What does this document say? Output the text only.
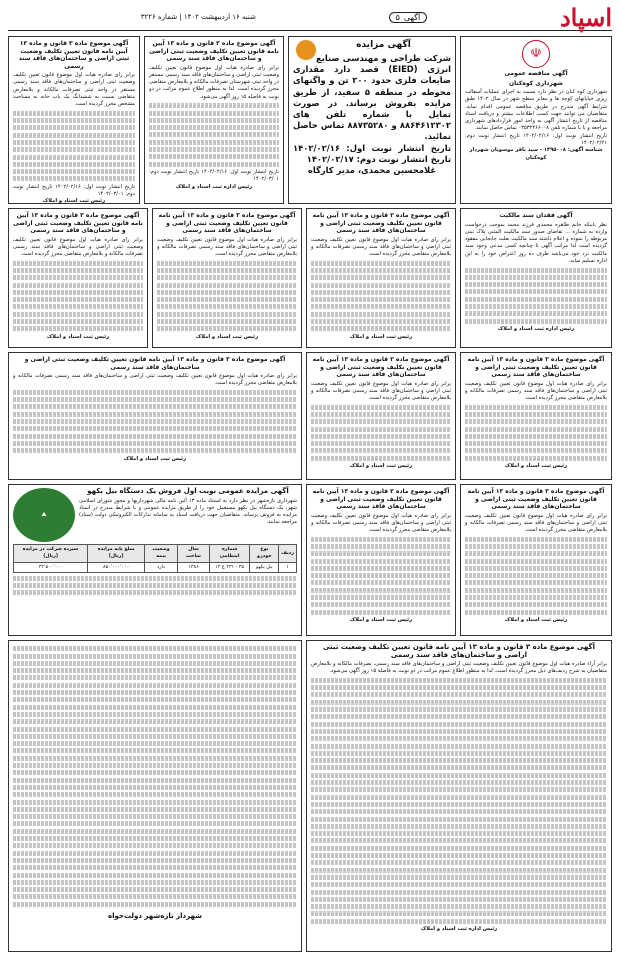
آگهی
۵
شنبه ۱۶ اردیبهشت ۱۴۰۲ | شماره ۳۲۲۶	اسپاد
☫
آگهی مناقصه عمومی
شهرداری کوه‌کنان

شهرداری کوه کنان در نظر دارد نسبت به اجرای عملیات آسفالت ریزی خیابانهای کوچه ها و معابر سطح شهر در سال ۱۴۰۲ طبق شرایط آگهی مندرج در طریق مناقصه عمومی اقدام نماید. متقاضیان می توانند جهت کسب اطلاعات بیشتر و دریافت اسناد مناقصه از تاریخ انتشار آگهی به واحد امور قراردادهای شهرداری مراجعه و یا با شماره تلفن ۰۳۵۳۲۴۶۶۰۰۸ تماس حاصل نمایند.

تاریخ انتشار نوبت اول: ۱۴۰۲/۰۲/۱۶ تاریخ انتشار نوبت دوم: ۱۴۰۲/۰۲/۲۱

شناسه آگهی: ۱۴۹۵۰۰۸ - سید باقر موسویان شهردار کوه‌کنان

آگهی مزایده

شرکت طراحی و مهندسی صنایع انرژی (EIED) قصد دارد مقداری ضایعات فلزی حدود ۲۰۰ تن و واگنهای محوطه در منطقه ۵ سفید، از طریق مزایده بفروش برساند. در صورت تمایل با شماره تلفن های ۸۸۶۴۶۱۲۳۰۲ و ۸۸۷۳۵۲۸۰ تماس حاصل نمائید.

تاریخ انتشار نوبت اول: ۱۴۰۲/۰۲/۱۶ تاریخ انتشار نوبت دوم: ۱۴۰۲/۰۲/۱۷

غلامحسین محمدی، مدیر کارگاه

آگهی موضوع ماده ۳ قانون و ماده ۱۳ آیین نامه قانون تعیین تکلیف وضعیت ثبتی اراضی و ساختمان‌های فاقد سند رسمی

برابر رای صادره هیات اول موضوع قانون تعیین تکلیف وضعیت ثبتی اراضی و ساختمان‌های فاقد سند رسمی مستقر در واحد ثبتی شهرستان تصرفات مالکانه و بلامعارض متقاضی محرز گردیده است. لذا به منظور اطلاع عموم مراتب در دو نوبت به فاصله ۱۵ روز آگهی می‌شود.

تاریخ انتشار نوبت اول: ۱۴۰۲/۰۲/۱۶ تاریخ انتشار نوبت دوم: ۱۴۰۲/۰۳/۰۱

رئیس اداره ثبت اسناد و املاک

آگهی موضوع ماده ۳ قانون و ماده ۱۳ آیین نامه قانون تعیین تکلیف وضعیت ثبتی اراضی و ساختمان‌های فاقد سند رسمی

برابر رای صادره هیات اول موضوع قانون تعیین تکلیف وضعیت ثبتی اراضی و ساختمان‌های فاقد سند رسمی مستقر در واحد ثبتی تصرفات مالکانه و بلامعارض متقاضی نسبت به ششدانگ یک باب خانه به مساحت مشخص محرز گردیده است.

تاریخ انتشار نوبت اول: ۱۴۰۲/۰۲/۱۶ تاریخ انتشار نوبت دوم: ۱۴۰۲/۰۳/۰۱

رئیس ثبت اسناد و املاک

آگهی فقدان سند مالکیت

نظر باینکه خانم طاهره محمدی فرزند محمد بموجب درخواست وارده به شماره ... تقاضای صدور سند مالکیت المثنی پلاک ثبتی مربوطه را نموده و اعلام داشته سند مالکیت بعلت جابجایی مفقود گردیده است لذا مراتب آگهی تا چنانچه کسی مدعی وجود سند مالکیت نزد خود می‌باشد ظرف ده روز اعتراض خود را به این اداره تسلیم نماید.

رئیس اداره ثبت اسناد و املاک

آگهی موضوع ماده ۳ قانون و ماده ۱۳ آیین نامه قانون تعیین تکلیف وضعیت ثبتی اراضی و ساختمان‌های فاقد سند رسمی

برابر رای صادره هیات اول موضوع قانون تعیین تکلیف وضعیت ثبتی اراضی و ساختمان‌های فاقد سند رسمی تصرفات مالکانه و بلامعارض متقاضی محرز گردیده است.

رئیس ثبت اسناد و املاک

آگهی موضوع ماده ۳ قانون و ماده ۱۳ آیین نامه قانون تعیین تکلیف وضعیت ثبتی اراضی و ساختمان‌های فاقد سند رسمی

برابر رای صادره هیات اول موضوع قانون تعیین تکلیف وضعیت ثبتی اراضی و ساختمان‌های فاقد سند رسمی تصرفات مالکانه و بلامعارض متقاضی محرز گردیده است.

رئیس ثبت اسناد و املاک

آگهی موضوع ماده ۳ قانون و ماده ۱۳ آیین نامه قانون تعیین تکلیف وضعیت ثبتی اراضی و ساختمان‌های فاقد سند رسمی

برابر رای صادره هیات اول موضوع قانون تعیین تکلیف وضعیت ثبتی اراضی و ساختمان‌های فاقد سند رسمی تصرفات مالکانه و بلامعارض متقاضی محرز گردیده است.

رئیس ثبت اسناد و املاک

آگهی موضوع ماده ۳ قانون و ماده ۱۳ آیین نامه قانون تعیین تکلیف وضعیت ثبتی اراضی و ساختمان‌های فاقد سند رسمی

برابر رای صادره هیات اول موضوع قانون تعیین تکلیف وضعیت ثبتی اراضی و ساختمان‌های فاقد سند رسمی تصرفات مالکانه و بلامعارض متقاضی محرز گردیده است.

رئیس ثبت اسناد و املاک

آگهی موضوع ماده ۳ قانون و ماده ۱۳ آیین نامه قانون تعیین تکلیف وضعیت ثبتی اراضی و ساختمان‌های فاقد سند رسمی

برابر رای صادره هیات اول موضوع قانون تعیین تکلیف وضعیت ثبتی اراضی و ساختمان‌های فاقد سند رسمی تصرفات مالکانه و بلامعارض متقاضی محرز گردیده است.

رئیس ثبت اسناد و املاک

آگهی موضوع ماده ۳ قانون و ماده ۱۳ آیین نامه قانون تعیین تکلیف وضعیت ثبتی اراضی و ساختمان‌های فاقد سند رسمی

برابر رای صادره هیات اول موضوع قانون تعیین تکلیف وضعیت ثبتی اراضی و ساختمان‌های فاقد سند رسمی تصرفات مالکانه و بلامعارض متقاضی محرز گردیده است.

رئیس ثبت اسناد و املاک

آگهی موضوع ماده ۳ قانون و ماده ۱۳ آیین نامه قانون تعیین تکلیف وضعیت ثبتی اراضی و ساختمان‌های فاقد سند رسمی

برابر رای صادره هیات اول موضوع قانون تعیین تکلیف وضعیت ثبتی اراضی و ساختمان‌های فاقد سند رسمی تصرفات مالکانه و بلامعارض متقاضی محرز گردیده است.

رئیس ثبت اسناد و املاک

آگهی موضوع ماده ۳ قانون و ماده ۱۳ آیین نامه قانون تعیین تکلیف وضعیت ثبتی اراضی و ساختمان‌های فاقد سند رسمی

برابر رای صادره هیات اول موضوع قانون تعیین تکلیف وضعیت ثبتی اراضی و ساختمان‌های فاقد سند رسمی تصرفات مالکانه و بلامعارض متقاضی محرز گردیده است.

رئیس ثبت اسناد و املاک

⛰
آگهی مزایده عمومی نوبت اول فروش یک دستگاه بیل بکهو

شهرداری تازه‌شهر در نظر دارد به استناد ماده ۱۳ آئین نامه مالی شهرداریها و مجوز شورای اسلامی شهر، یک دستگاه بیل بکهو مستعمل خود را از طریق مزایده عمومی و با شرایط مندرج در اسناد مزایده به فروش برساند. متقاضیان جهت دریافت اسناد به سامانه تدارکات الکترونیکی دولت (ستاد) مراجعه نمایند.

ردیف	نوع خودرو	شماره انتظامی	سال ساخت	وضعیت بیمه	مبلغ پایه مزایده (ریال)	سپرده شرکت در مزایده (ریال)
۱	بیل بکهو	۴۵ - ۲۳۱ ع ۱۲	۱۳۸۶	دارد	۸۵۰٬۰۰۰٬۰۰۰	۴۲٬۵۰۰٬۰۰۰
آگهی موضوع ماده ۳ قانون و ماده ۱۳ آیین نامه قانون تعیین تکلیف وضعیت ثبتی اراضی و ساختمان‌های فاقد سند رسمی

برابر آراء صادره هیات اول موضوع قانون تعیین تکلیف وضعیت ثبتی اراضی و ساختمان‌های فاقد سند رسمی، تصرفات مالکانه و بلامعارض متقاضیان به شرح ردیف‌های ذیل محرز گردیده است. لذا به منظور اطلاع عموم مراتب در دو نوبت به فاصله ۱۵ روز آگهی می‌شود.

رئیس اداره ثبت اسناد و املاک

شهردار تازه‌شهر دولت‌خواه
